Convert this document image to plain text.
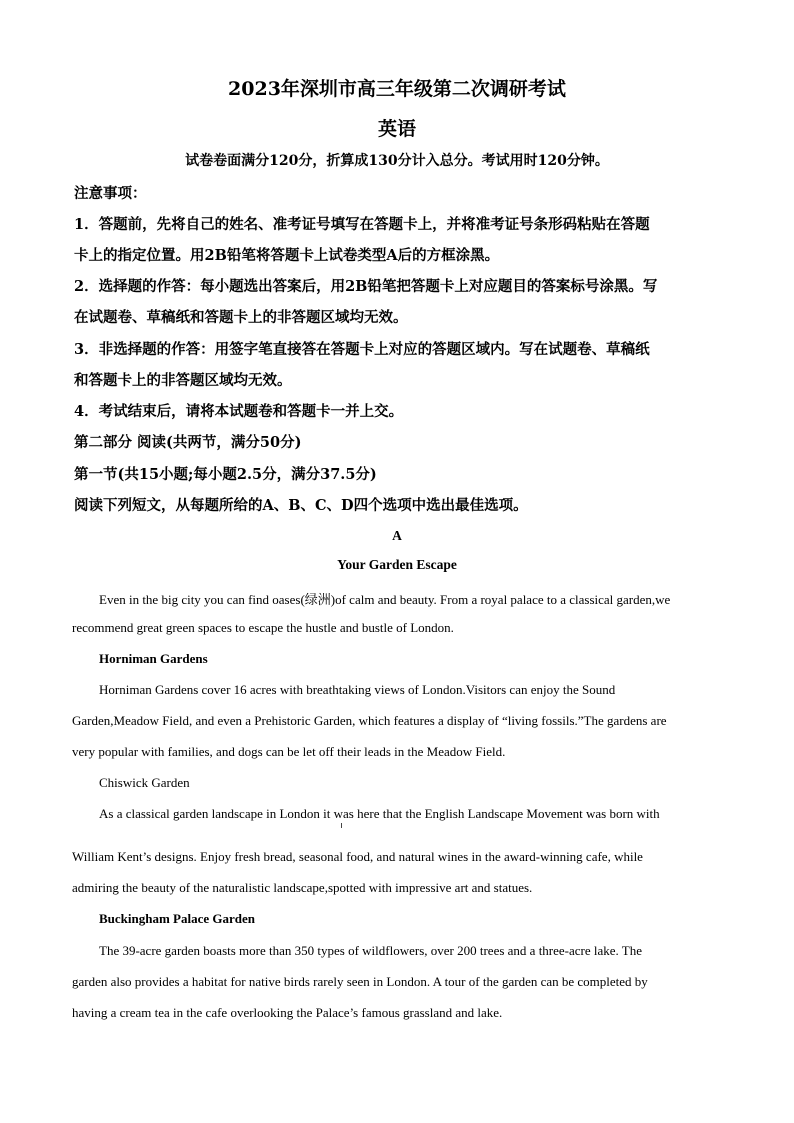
2023年深圳市高三年级第二次调研考试
英语
试卷卷面满分120分，折算成130分计入总分。考试用时120分钟。
注意事项：
1．答题前，先将自己的姓名、准考证号填写在答题卡上，并将准考证号条形码粘贴在答题
卡上的指定位置。用2B铅笔将答题卡上试卷类型A后的方框涂黑。
2．选择题的作答：每小题选出答案后，用2B铅笔把答题卡上对应题目的答案标号涂黑。写
在试题卷、草稿纸和答题卡上的非答题区域均无效。
3．非选择题的作答：用签字笔直接答在答题卡上对应的答题区域内。写在试题卷、草稿纸
和答题卡上的非答题区域均无效。
4．考试结束后，请将本试题卷和答题卡一并上交。
第二部分 阅读(共两节，满分50分)
第一节(共15小题;每小题2.5分，满分37.5分)
阅读下列短文，从每题所给的A、B、C、D四个选项中选出最佳选项。
A
Your Garden Escape
Even in the big city you can find oases(绿洲)of calm and beauty. From a royal palace to a classical garden,we
recommend great green spaces to escape the hustle and bustle of London.
Horniman Gardens
Horniman Gardens cover 16 acres with breathtaking views of London.Visitors can enjoy the Sound
Garden,Meadow Field, and even a Prehistoric Garden, which features a display of “living fossils.”The gardens are
very popular with families, and dogs can be let off their leads in the Meadow Field.
Chiswick Garden
As a classical garden landscape in London it was here that the English Landscape Movement was born with
William Kent’s designs. Enjoy fresh bread, seasonal food, and natural wines in the award-winning cafe, while
admiring the beauty of the naturalistic landscape,spotted with impressive art and statues.
Buckingham Palace Garden
The 39-acre garden boasts more than 350 types of wildflowers, over 200 trees and a three-acre lake. The
garden also provides a habitat for native birds rarely seen in London. A tour of the garden can be completed by
having a cream tea in the cafe overlooking the Palace’s famous grassland and lake.
